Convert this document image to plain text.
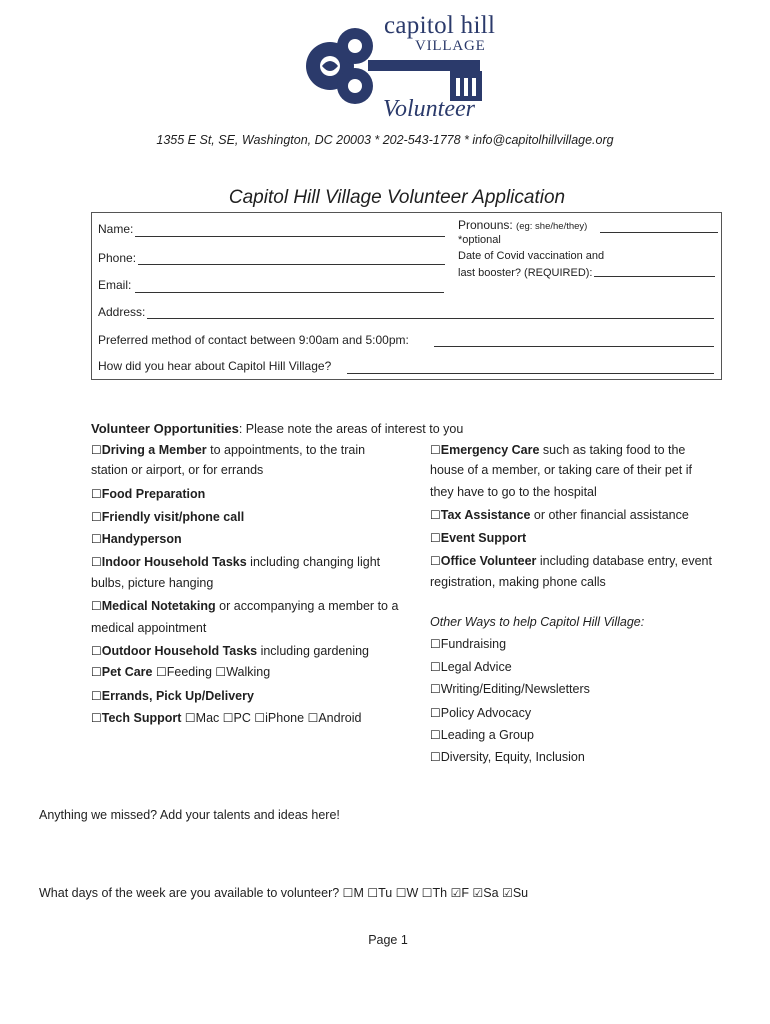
capitol hill
VILLAGE
Volunteer
1355 E St, SE, Washington, DC 20003 * 202-543-1778 * info@capitolhillvillage.org
Capitol Hill Village Volunteer Application
Name:
Phone:
Email:
Pronouns: (eg: she/he/they)
*optional
Date of Covid vaccination and
last booster? (REQUIRED):
Address:
Preferred method of contact between 9:00am and 5:00pm:
How did you hear about Capitol Hill Village?
Volunteer Opportunities: Please note the areas of interest to you
☐Driving a Member to appointments, to the train
station or airport, or for errands
☐Food Preparation
☐Friendly visit/phone call
☐Handyperson
☐Indoor Household Tasks including changing light
bulbs, picture hanging
☐Medical Notetaking or accompanying a member to a
medical appointment
☐Outdoor Household Tasks including gardening
☐Pet Care ☐Feeding ☐Walking
☐Errands, Pick Up/Delivery
☐Tech Support ☐Mac ☐PC ☐iPhone ☐Android
☐Emergency Care such as taking food to the
house of a member, or taking care of their pet if
they have to go to the hospital
☐Tax Assistance or other financial assistance
☐Event Support
☐Office Volunteer including database entry, event
registration, making phone calls
Other Ways to help Capitol Hill Village:
☐Fundraising
☐Legal Advice
☐Writing/Editing/Newsletters
☐Policy Advocacy
☐Leading a Group
☐Diversity, Equity, Inclusion
Anything we missed? Add your talents and ideas here!
What days of the week are you available to volunteer? ☐M ☐Tu ☐W ☐Th ☑F ☑Sa ☑Su
Page 1
